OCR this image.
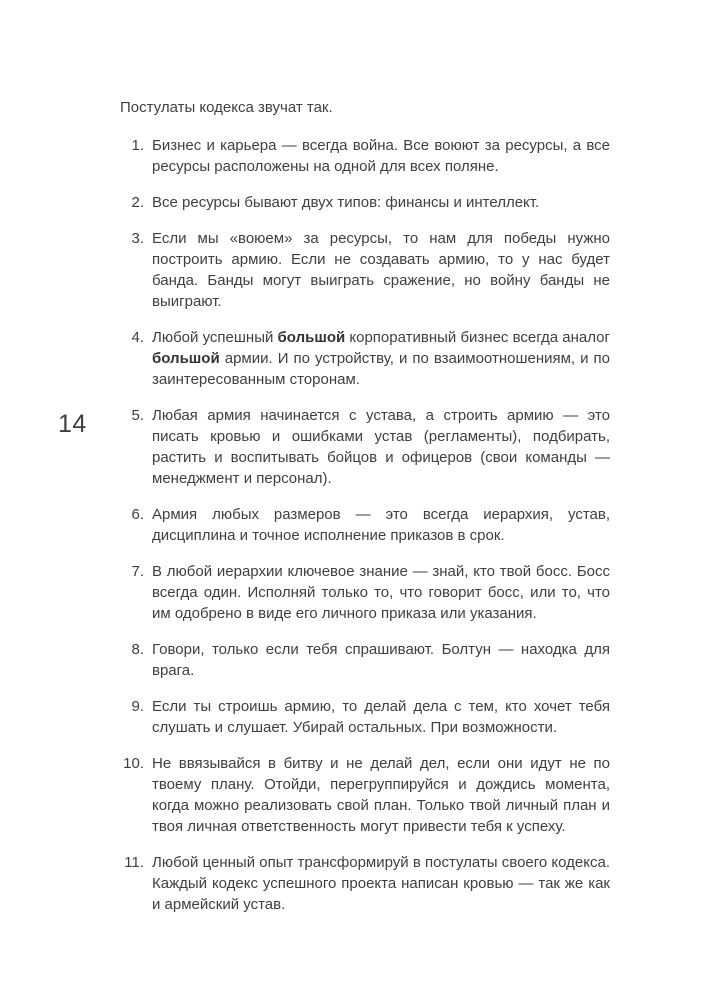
14

Постулаты кодекса звучат так.

1. Бизнес и карьера — всегда война. Все воюют за ресурсы, а все ресурсы расположены на одной для всех поляне.
2. Все ресурсы бывают двух типов: финансы и интеллект.
3. Если мы «воюем» за ресурсы, то нам для победы нужно построить армию. Если не создавать армию, то у нас будет банда. Банды могут выиграть сражение, но войну банды не выиграют.
4. Любой успешный большой корпоративный бизнес всегда аналог большой армии. И по устройству, и по взаимоотношениям, и по заинтересованным сторонам.
5. Любая армия начинается с устава, а строить армию — это писать кровью и ошибками устав (регламенты), подбирать, растить и воспитывать бойцов и офицеров (свои команды — менеджмент и персонал).
6. Армия любых размеров — это всегда иерархия, устав, дисциплина и точное исполнение приказов в срок.
7. В любой иерархии ключевое знание — знай, кто твой босс. Босс всегда один. Исполняй только то, что говорит босс, или то, что им одобрено в виде его личного приказа или указания.
8. Говори, только если тебя спрашивают. Болтун — находка для врага.
9. Если ты строишь армию, то делай дела с тем, кто хочет тебя слушать и слушает. Убирай остальных. При возможности.
10. Не ввязывайся в битву и не делай дел, если они идут не по твоему плану. Отойди, перегруппируйся и дождись момента, когда можно реализовать свой план. Только твой личный план и твоя личная ответственность могут привести тебя к успеху.
11. Любой ценный опыт трансформируй в постулаты своего кодекса. Каждый кодекс успешного проекта написан кровью — так же как и армейский устав.
